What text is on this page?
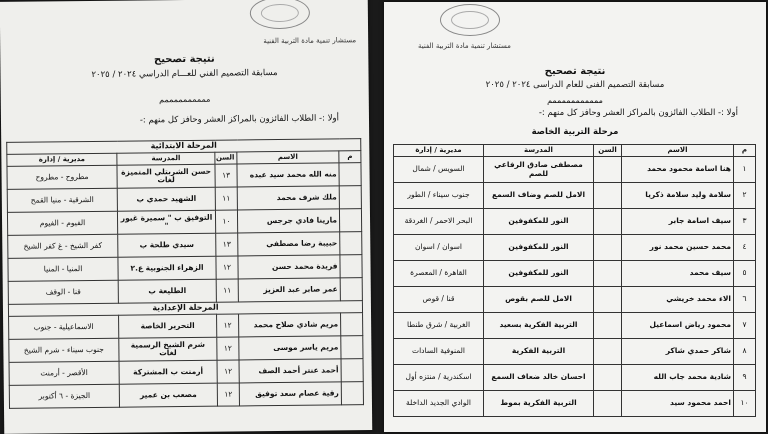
مستشار تنمية مادة التربية الفنية
نتيجة تصحيح
مسابقة التصميم الفني للعـــام الدراسي ٢٠٢٤ / ٢٠٢٥
ممممممممممم
أولا :- الطلاب الفائزون بالمراكز العشر وحافز كل منهم :-
المرحلة الابتدائية				
م	الاسم	السن	المدرسة	مديرية / إدارة
	منه الله محمد سيد عبده	١٣	حسن الشربتلي المتميزة لغات	مطروح - مطروح
	ملك شرف محمد	١١	الشهيد حمدي ب	الشرقية - منيا القمح
	مارينا فادي جرجس	١٠	التوفيق ب " سميرة غبور "	الفيوم - الفيوم
	حبيبة رضا مصطفي	١٣	سيدي طلحة ب	كفر الشيخ - غ كفر الشيخ
	فريدة محمد حسن	١٢	الزهراء الجنوبية ع.٢	المنيا - المنيا
	عمر صابر عبد العزيز	١١	الطليعة ب	قنا - الوقف
المرحلة الإعدادية				
	مريم شادي صلاح محمد	١٢	التحرير الخاصة	الاسماعيلية - جنوب
	مريم ياسر موسى	١٢	شرم الشيخ الرسمية لغات	جنوب سيناء - شرم الشيخ
	أحمد عنتر أحمد الصف	١٢	أرمنت ب المشتركة	الأقصر - أرمنت
	رقية عصام سعد توفيق	١٢	مصعب بن عمير	الجيزة - ٦ أكتوبر
مستشار تنمية مادة التربية الفنية
نتيجة تصحيح
مسابقة التصميم الفنى للعام الدراسى ٢٠٢٤ / ٢٠٢٥
مممممممممممم
أولا :- الطلاب الفائزون بالمراكز العشر وحافز كل منهم :-
مرحلة التربية الخاصة
م	الاسم	السن	المدرسة	مديرية / إدارة
١	هنا اسامة محمود محمد		مصطفى صادق الرفاعي للصم	السويس / شمال
٢	سلامة وليد سلامة ذكريا		الامل للصم وضاف السمع	جنوب سيناء / الطور
٣	سيف اسامة جابر		النور للمكفوفين	البحر الاحمر / الغردقة
٤	محمد حسين محمد نور		النور للمكفوفين	اسوان / اسوان
٥	سيف محمد		النور للمكفوفين	القاهرة / المعصرة
٦	الاء محمد خريشي		الامل للصم بقوص	قنا / قوص
٧	محمود رياض اسماعيل		التربية الفكرية بسعيد	الغربية / شرق طنطا
٨	شاكر حمدي شاكر		التربية الفكرية	المنوفية السادات
٩	شادية محمد جاب الله		احسان خالد ضعاف السمع	اسكندرية / منتزه أول
١٠	احمد محمود سيد		التربية الفكرية بموط	الوادي الجديد الداخلة
